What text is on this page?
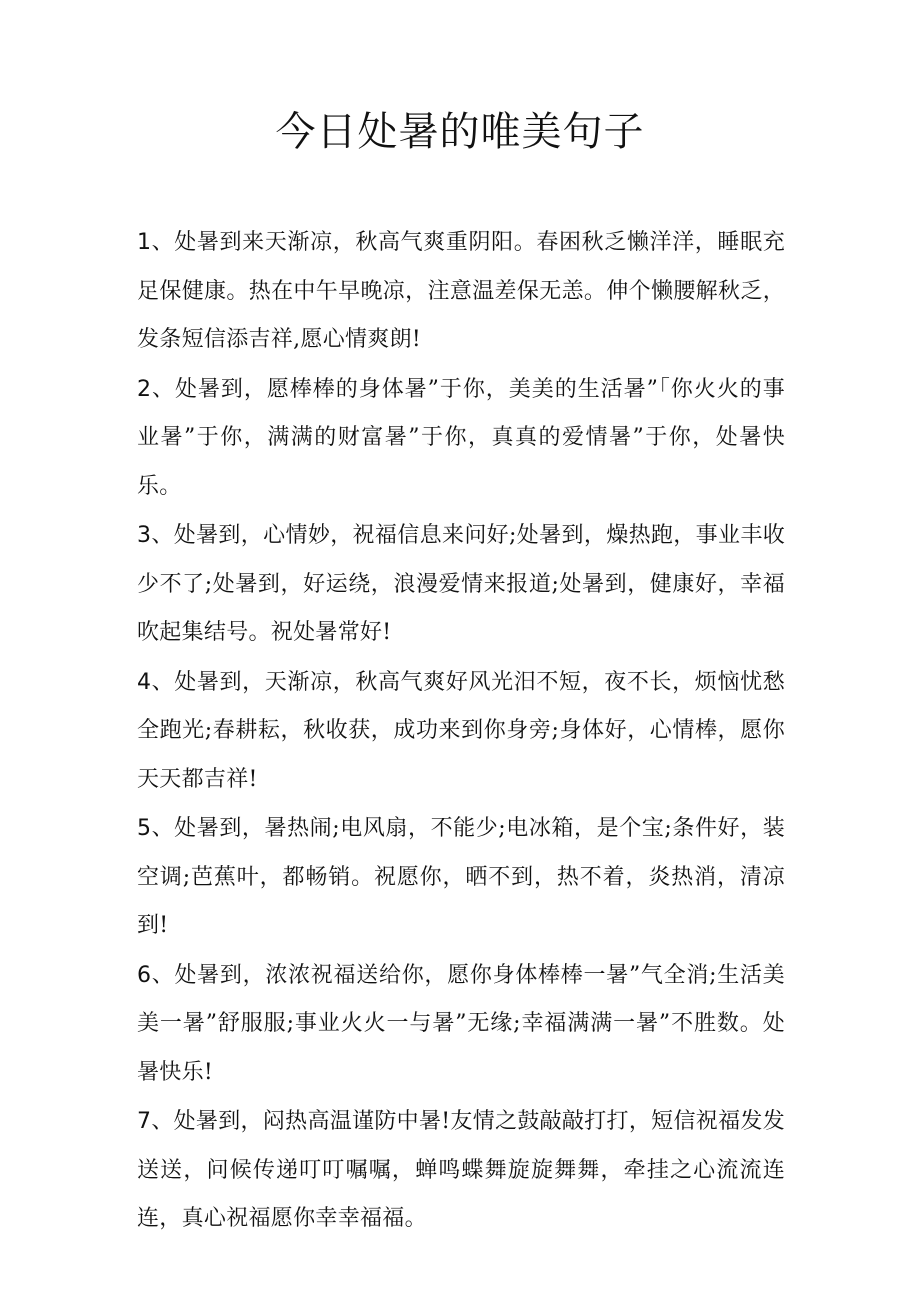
今日处暑的唯美句子

1、处暑到来天渐凉，秋高气爽重阴阳。春困秋乏懒洋洋，睡眠充足保健康。热在中午早晚凉，注意温差保无恙。伸个懒腰解秋乏，发条短信添吉祥,愿心情爽朗!

2、处暑到，愿棒棒的身体暑”于你，美美的生活暑”「你火火的事业暑”于你，满满的财富暑”于你，真真的爱情暑”于你，处暑快乐。

3、处暑到，心情妙，祝福信息来问好;处暑到，燥热跑，事业丰收少不了;处暑到，好运绕，浪漫爱情来报道;处暑到，健康好，幸福吹起集结号。祝处暑常好!

4、处暑到，天渐凉，秋高气爽好风光汨不短，夜不长，烦恼忧愁全跑光;春耕耘，秋收获，成功来到你身旁;身体好，心情棒，愿你天天都吉祥!

5、处暑到，暑热闹;电风扇，不能少;电冰箱，是个宝;条件好，装空调;芭蕉叶，都畅销。祝愿你，晒不到，热不着，炎热消，清凉到!

6、处暑到，浓浓祝福送给你，愿你身体棒棒一暑”气全消;生活美美一暑”舒服服;事业火火一与暑”无缘;幸福满满一暑”不胜数。处暑快乐!

7、处暑到，闷热高温谨防中暑!友情之鼓敲敲打打，短信祝福发发送送，问候传递叮叮嘱嘱，蝉鸣蝶舞旋旋舞舞，牵挂之心流流连连，真心祝福愿你幸幸福福。
